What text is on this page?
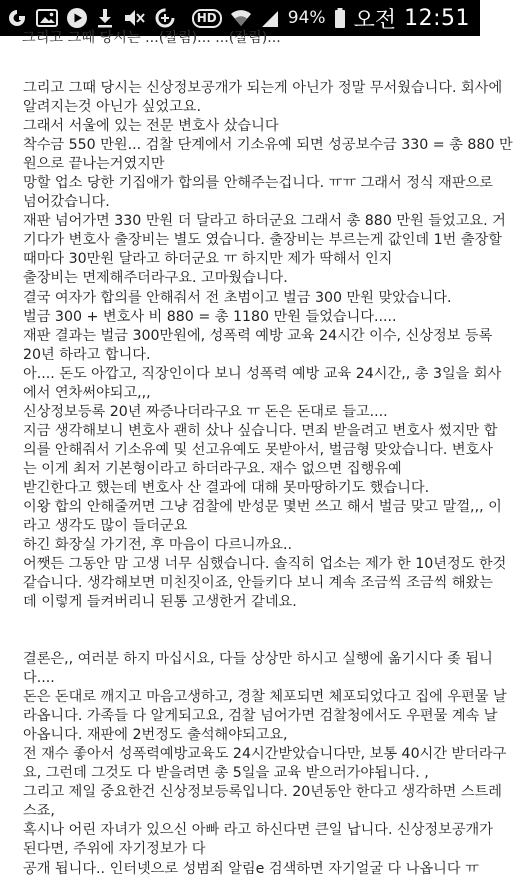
HD	94% 오전 12:51
그리고 그때 당시는 ...(잘림)... ...(잘림)...
그리고 그때 당시는 신상정보공개가 되는게 아닌가 정말 무서웠습니다. 회사에
알려지는것 아닌가 싶었고요.
그래서 서울에 있는 전문 변호사 샀습니다
착수금 550 만원... 검찰 단계에서 기소유예 되면 성공보수금 330 = 총 880 만
원으로 끝나는거였지만
망할 업소 당한 기집애가 합의를 안해주는겁니다. ㅠㅠ 그래서 정식 재판으로
넘어갔습니다.
재판 넘어가면 330 만원 더 달라고 하더군요 그래서 총 880 만원 들었고요. 거
기다가 변호사 출장비는 별도 였습니다. 출장비는 부르는게 값인데 1번 출장할
때마다 30만원 달라고 하더군요 ㅠ 하지만 제가 딱해서 인지
출장비는 면제해주더라구요. 고마웠습니다.
결국 여자가 합의를 안해줘서 전 초범이고 벌금 300 만원 맞았습니다.
벌금 300 + 변호사 비 880 = 총 1180 만원 들었습니다.....
재판 결과는 벌금 300만원에, 성폭력 예방 교육 24시간 이수, 신상정보 등록
20년 하라고 합니다.
아.... 돈도 아깝고, 직장인이다 보니 성폭력 예방 교육 24시간,, 총 3일을 회사
에서 연차써야되고,,,
신상정보등록 20년 짜증나더라구요 ㅠ 돈은 돈대로 들고....
지금 생각해보니 변호사 괜히 샀나 싶습니다. 면죄 받을려고 변호사 썼지만 합
의를 안해줘서 기소유예 및 선고유예도 못받아서, 벌금형 맞았습니다. 변호사
는 이게 최저 기본형이라고 하더라구요. 재수 없으면 집행유예
받긴한다고 했는데 변호사 산 결과에 대해 못마땅하기도 했습니다.
이왕 합의 안해줄꺼면 그냥 검찰에 반성문 몇번 쓰고 해서 벌금 맞고 말껄,,, 이
라고 생각도 많이 들더군요
하긴 화장실 가기전, 후 마음이 다르니까요..
어쨋든 그동안 맘 고생 너무 심했습니다. 솔직히 업소는 제가 한 10년정도 한것
같습니다. 생각해보면 미친짓이죠, 안들키다 보니 계속 조금씩 조금씩 해왔는
데 이렇게 들켜버리니 된통 고생한거 같네요.
결론은,, 여러분 하지 마십시요, 다들 상상만 하시고 실행에 옮기시다 좆 됩니
다....
돈은 돈대로 깨지고 마음고생하고, 경찰 체포되면 체포되었다고 집에 우편물 날
라옵니다. 가족들 다 알게되고요, 검찰 넘어가면 검찰청에서도 우편물 계속 날
아옵니다. 재판에 2번정도 출석해야되고요,
전 재수 좋아서 성폭력예방교육도 24시간받았습니다만, 보통 40시간 받더라구
요, 그런데 그것도 다 받을려면 총 5일을 교육 받으러가야됩니다. ,
그리고 제일 중요한건 신상정보등록입니다. 20년동안 한다고 생각하면 스트레
스죠,
혹시나 어린 자녀가 있으신 아빠 라고 하신다면 큰일 납니다. 신상정보공개가
된다면, 주위에 자기정보가 다
공개 됩니다.. 인터넷으로 성범죄 알림e 검색하면 자기얼굴 다 나옵니다 ㅠ
